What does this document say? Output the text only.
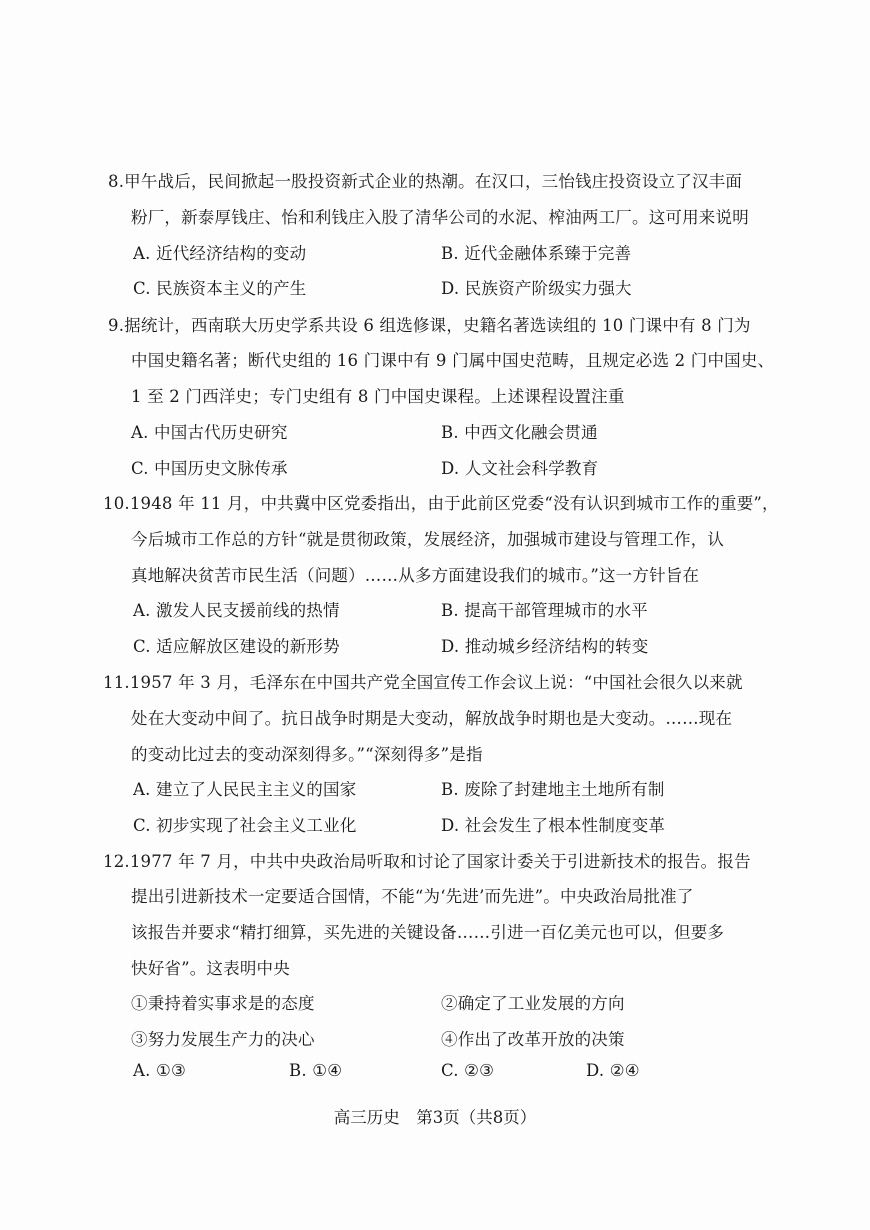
8.甲午战后，民间掀起一股投资新式企业的热潮。在汉口，三怡钱庄投资设立了汉丰面
粉厂，新泰厚钱庄、怡和利钱庄入股了清华公司的水泥、榨油两工厂。这可用来说明
A. 近代经济结构的变动	B. 近代金融体系臻于完善
C. 民族资本主义的产生	D. 民族资产阶级实力强大
9.据统计，西南联大历史学系共设 6 组选修课，史籍名著选读组的 10 门课中有 8 门为
中国史籍名著；断代史组的 16 门课中有 9 门属中国史范畴，且规定必选 2 门中国史、
1 至 2 门西洋史；专门史组有 8 门中国史课程。上述课程设置注重
A. 中国古代历史研究	B. 中西文化融会贯通
C. 中国历史文脉传承	D. 人文社会科学教育
10.1948 年 11 月，中共冀中区党委指出，由于此前区党委“没有认识到城市工作的重要”，
今后城市工作总的方针“就是贯彻政策，发展经济，加强城市建设与管理工作，认
真地解决贫苦市民生活（问题）……从多方面建设我们的城市。”这一方针旨在
A. 激发人民支援前线的热情	B. 提高干部管理城市的水平
C. 适应解放区建设的新形势	D. 推动城乡经济结构的转变
11.1957 年 3 月，毛泽东在中国共产党全国宣传工作会议上说：“中国社会很久以来就
处在大变动中间了。抗日战争时期是大变动，解放战争时期也是大变动。……现在
的变动比过去的变动深刻得多。”“深刻得多”是指
A. 建立了人民民主主义的国家	B. 废除了封建地主土地所有制
C. 初步实现了社会主义工业化	D. 社会发生了根本性制度变革
12.1977 年 7 月，中共中央政治局听取和讨论了国家计委关于引进新技术的报告。报告
提出引进新技术一定要适合国情，不能“为‘先进’而先进”。中央政治局批准了
该报告并要求“精打细算，买先进的关键设备……引进一百亿美元也可以，但要多
快好省”。这表明中央
①秉持着实事求是的态度	②确定了工业发展的方向
③努力发展生产力的决心	④作出了改革开放的决策
A. ①③	B. ①④	C. ②③	D. ②④
高三历史　第3页（共8页）
